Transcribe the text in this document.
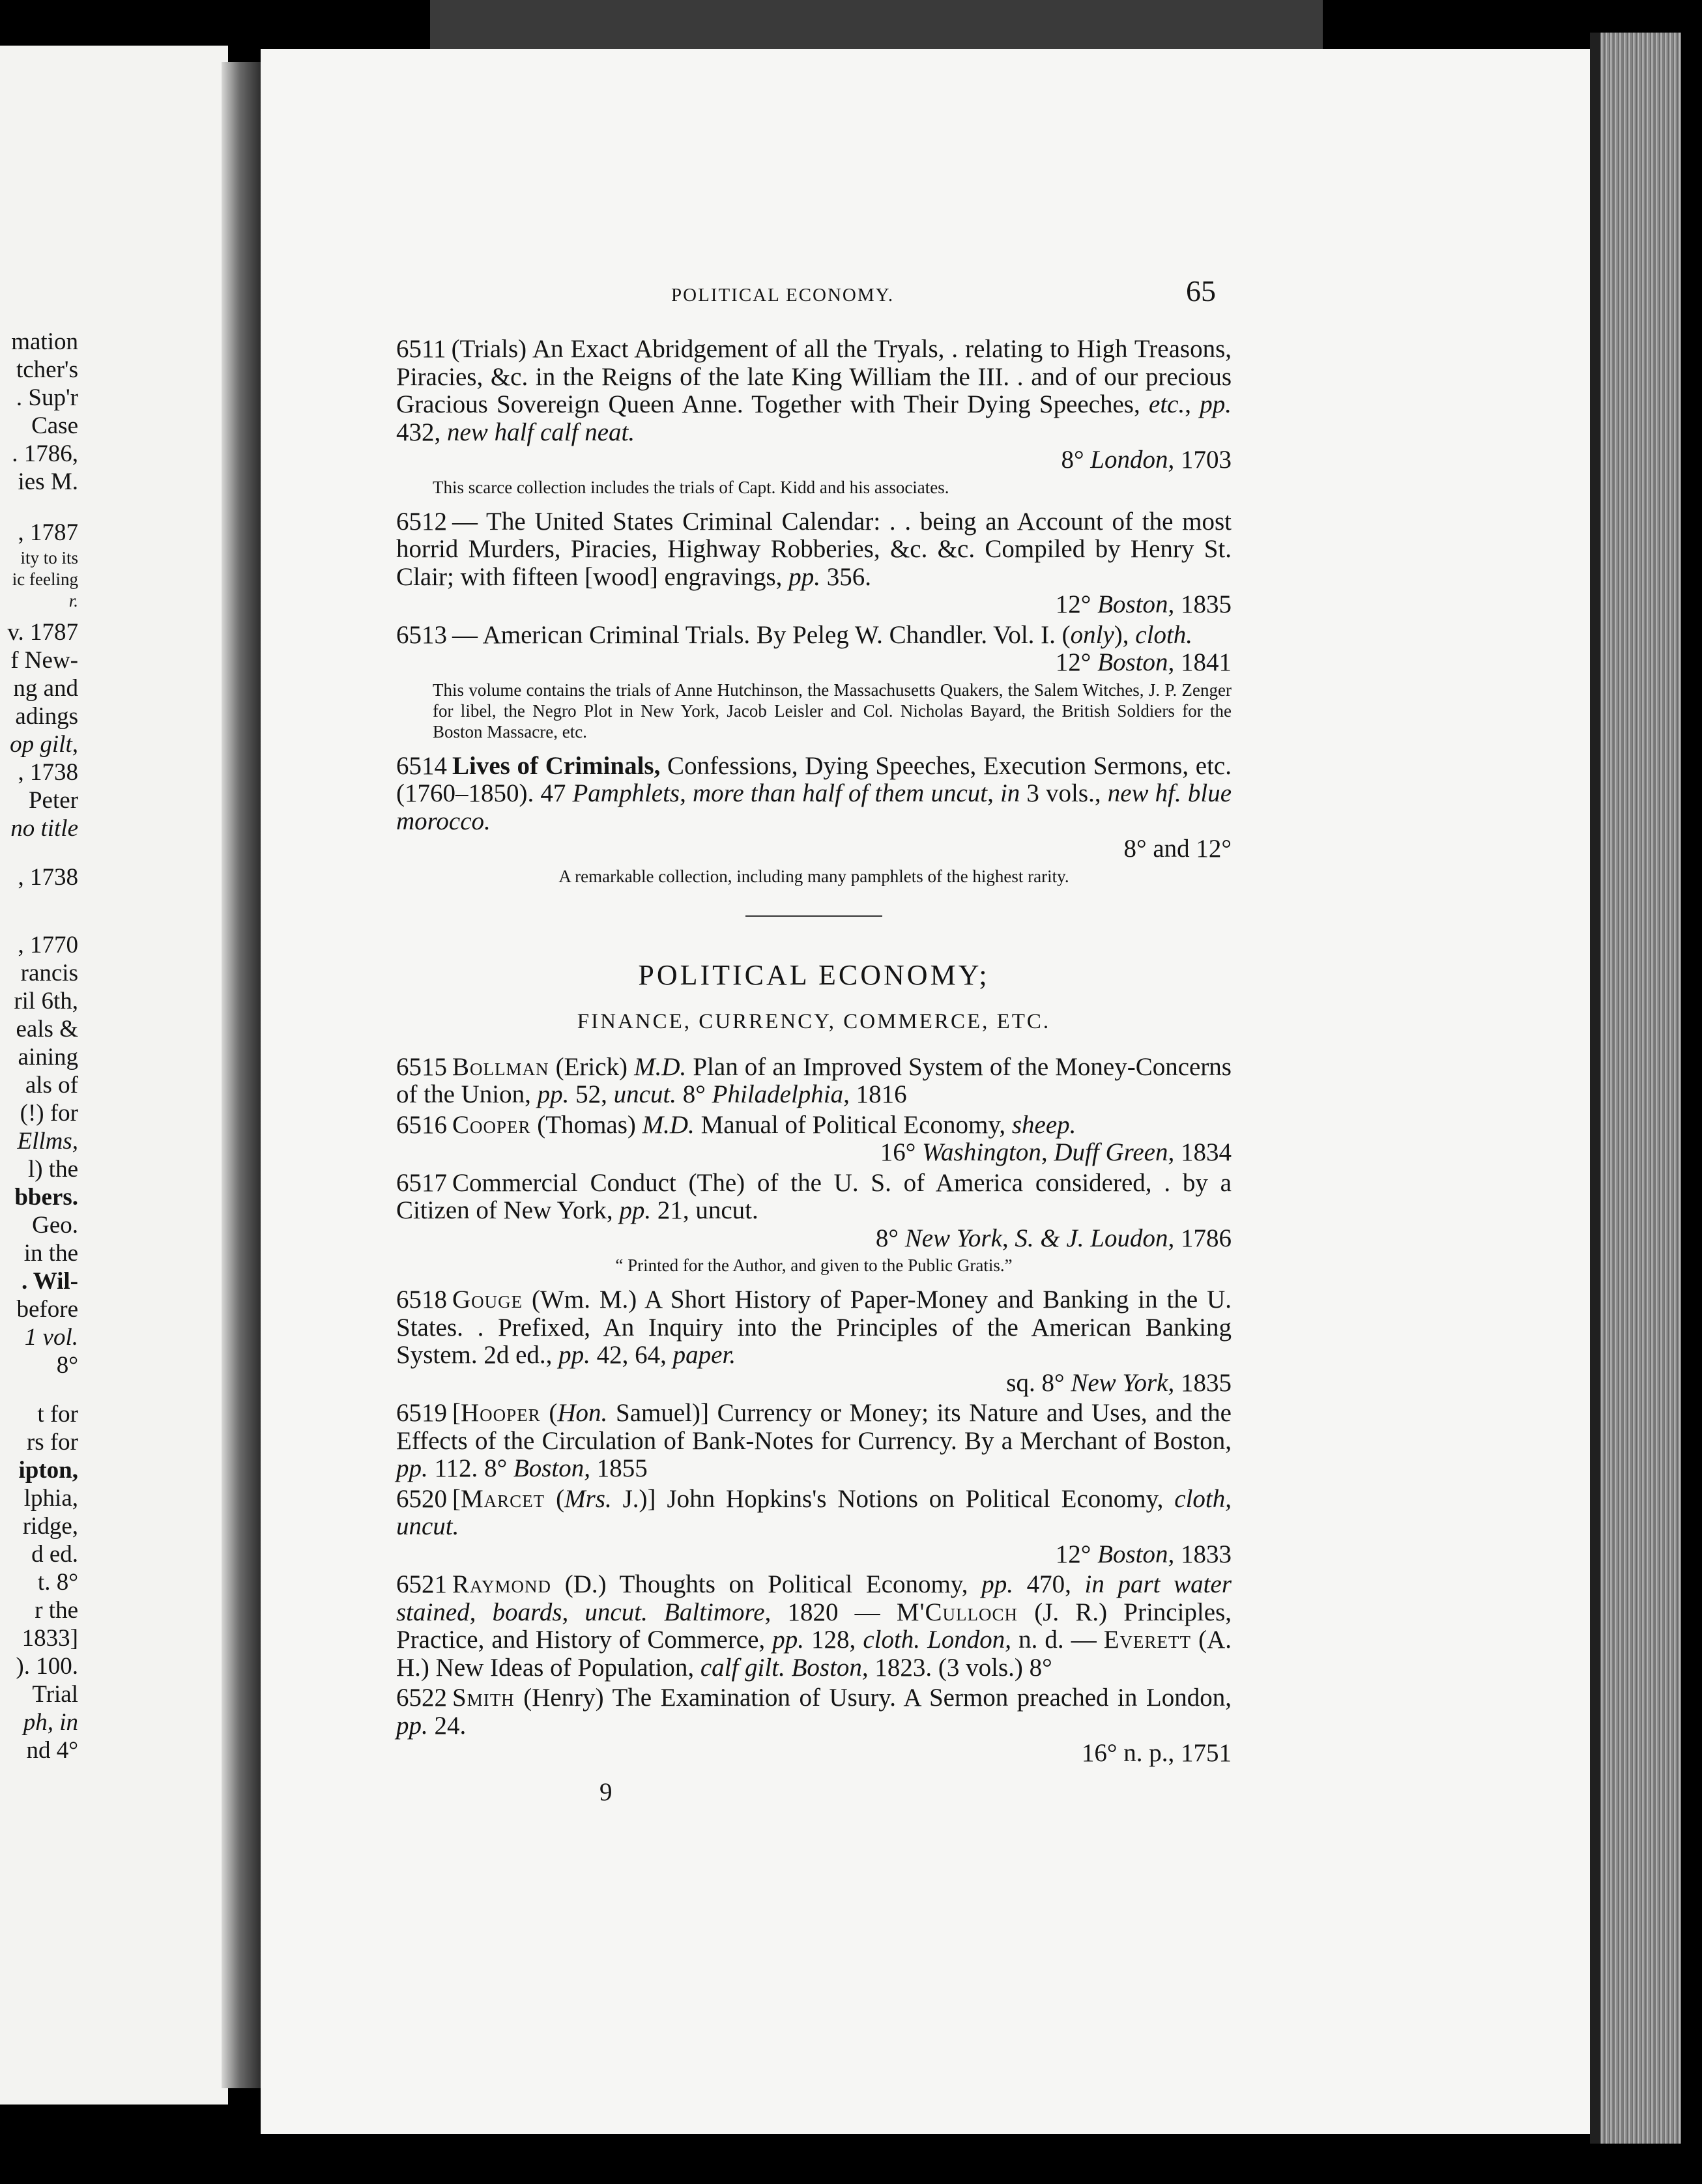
mation
tcher's
. Sup'r
Case
. 1786,
ies M.
, 1787
ity to its
ic feeling
r.
v. 1787
f New-
ng and
adings
op gilt,
, 1738
Peter
no title
, 1738
, 1770
rancis
ril 6th,
eals &
aining
als of
(!) for
Ellms,
l) the
bbers.
Geo.
in the
. Wil-
before
1 vol.
8°
t for
rs for
ipton,
lphia,
ridge,
d ed.
t. 8°
r the
1833]
). 100.
Trial
ph, in
nd 4°
POLITICAL ECONOMY.	65
6511 (Trials) An Exact Abridgement of all the Tryals, . relating to High Treasons, Piracies, &c. in the Reigns of the late King William the III. . and of our precious Gracious Sovereign Queen Anne. Together with Their Dying Speeches, etc., pp. 432, new half calf neat.
8° London, 1703
This scarce collection includes the trials of Capt. Kidd and his associates.
6512 — The United States Criminal Calendar: . . being an Account of the most horrid Murders, Piracies, Highway Robberies, &c. &c. Compiled by Henry St. Clair; with fifteen [wood] engravings, pp. 356.
12° Boston, 1835
6513 — American Criminal Trials. By Peleg W. Chandler. Vol. I. (only), cloth.
12° Boston, 1841
This volume contains the trials of Anne Hutchinson, the Massachusetts Quakers, the Salem Witches, J. P. Zenger for libel, the Negro Plot in New York, Jacob Leisler and Col. Nicholas Bayard, the British Soldiers for the Boston Massacre, etc.
6514 Lives of Criminals, Confessions, Dying Speeches, Execution Sermons, etc. (1760–1850). 47 Pamphlets, more than half of them uncut, in 3 vols., new hf. blue morocco.
8° and 12°
A remarkable collection, including many pamphlets of the highest rarity.
POLITICAL ECONOMY;
FINANCE, CURRENCY, COMMERCE, ETC.
6515 Bollman (Erick) M.D. Plan of an Improved System of the Money-Concerns of the Union, pp. 52, uncut. 8° Philadelphia, 1816
6516 Cooper (Thomas) M.D. Manual of Political Economy, sheep.
16° Washington, Duff Green, 1834
6517 Commercial Conduct (The) of the U. S. of America considered, . by a Citizen of New York, pp. 21, uncut.
8° New York, S. & J. Loudon, 1786
“ Printed for the Author, and given to the Public Gratis.”
6518 Gouge (Wm. M.) A Short History of Paper-Money and Banking in the U. States. . Prefixed, An Inquiry into the Principles of the American Banking System. 2d ed., pp. 42, 64, paper.
sq. 8° New York, 1835
6519 [Hooper (Hon. Samuel)] Currency or Money; its Nature and Uses, and the Effects of the Circulation of Bank-Notes for Currency. By a Merchant of Boston, pp. 112. 8° Boston, 1855
6520 [Marcet (Mrs. J.)] John Hopkins's Notions on Political Economy, cloth, uncut.
12° Boston, 1833
6521 Raymond (D.) Thoughts on Political Economy, pp. 470, in part water stained, boards, uncut. Baltimore, 1820 — M'Culloch (J. R.) Principles, Practice, and History of Commerce, pp. 128, cloth. London, n. d. — Everett (A. H.) New Ideas of Population, calf gilt. Boston, 1823. (3 vols.) 8°
6522 Smith (Henry) The Examination of Usury. A Sermon preached in London, pp. 24.
16° n. p., 1751
9
